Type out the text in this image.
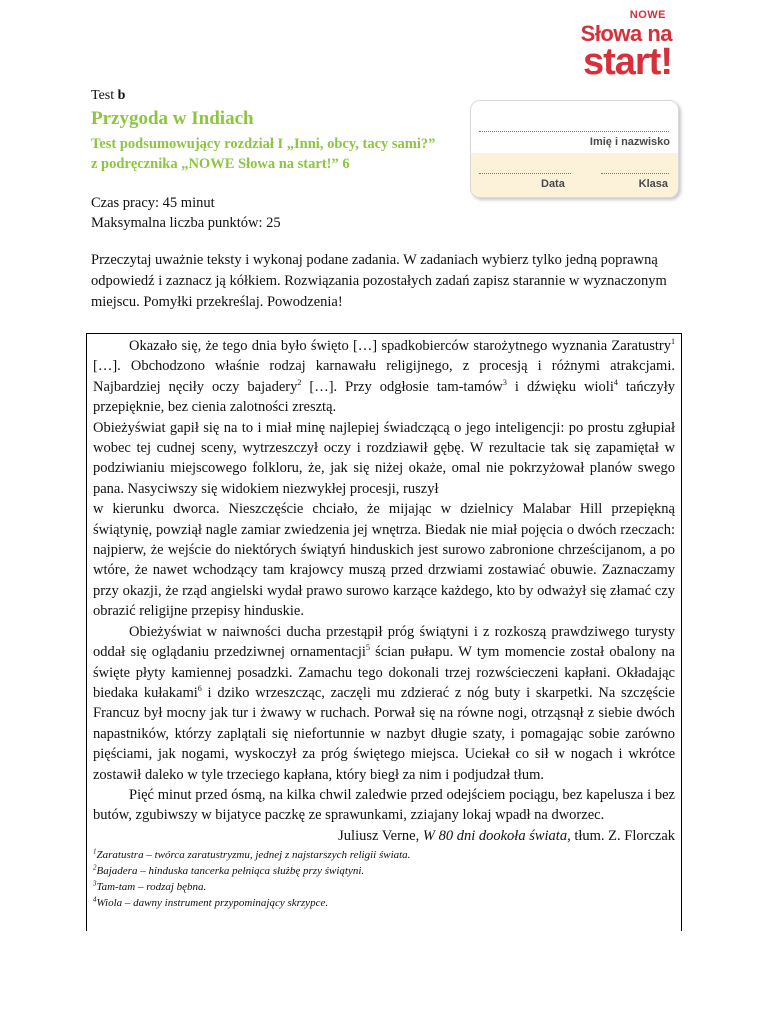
NOWE
Słowa na
start!
Test b
Przygoda w Indiach
Test podsumowujący rozdział I „Inni, obcy, tacy sami?” z podręcznika „NOWE Słowa na start!” 6
Czas pracy: 45 minut
Maksymalna liczba punktów: 25
Imię i nazwisko
Data	Klasa
Przeczytaj uważnie teksty i wykonaj podane zadania. W zadaniach wybierz tylko jedną poprawną odpowiedź i zaznacz ją kółkiem. Rozwiązania pozostałych zadań zapisz starannie w wyznaczonym miejscu. Pomyłki przekreślaj. Powodzenia!

Okazało się, że tego dnia było święto […] spadkobierców starożytnego wyznania Zaratustry$^1$ […]. Obchodzono właśnie rodzaj karnawału religijnego, z procesją i różnymi atrakcjami. Najbardziej nęciły oczy bajadery$^2$ […]. Przy odgłosie tam-tamów$^3$ i dźwięku wioli$^4$ tańczyły przepięknie, bez cienia zalotności zresztą.

Obieżyświat gapił się na to i miał minę najlepiej świadczącą o jego inteligencji: po prostu zgłupiał wobec tej cudnej sceny, wytrzeszczył oczy i rozdziawił gębę. W rezultacie tak się zapamiętał w podziwianiu miejscowego folkloru, że, jak się niżej okaże, omal nie pokrzyżował planów swego pana. Nasyciwszy się widokiem niezwykłej procesji, ruszył

w kierunku dworca. Nieszczęście chciało, że mijając w dzielnicy Malabar Hill przepiękną świątynię, powziął nagle zamiar zwiedzenia jej wnętrza. Biedak nie miał pojęcia o dwóch rzeczach: najpierw, że wejście do niektórych świątyń hinduskich jest surowo zabronione chrześcijanom, a po wtóre, że nawet wchodzący tam krajowcy muszą przed drzwiami zostawiać obuwie. Zaznaczamy przy okazji, że rząd angielski wydał prawo surowo karzące każdego, kto by odważył się złamać czy obrazić religijne przepisy hinduskie.

Obieżyświat w naiwności ducha przestąpił próg świątyni i z rozkoszą prawdziwego turysty oddał się oglądaniu przedziwnej ornamentacji$^5$ ścian pułapu. W tym momencie został obalony na święte płyty kamiennej posadzki. Zamachu tego dokonali trzej rozwścieczeni kapłani. Okładając biedaka kułakami$^6$ i dziko wrzeszcząc, zaczęli mu zdzierać z nóg buty i skarpetki. Na szczęście Francuz był mocny jak tur i żwawy w ruchach. Porwał się na równe nogi, otrząsnął z siebie dwóch napastników, którzy zaplątali się niefortunnie w nazbyt długie szaty, i pomagając sobie zarówno pięściami, jak nogami, wyskoczył za próg świętego miejsca. Uciekał co sił w nogach i wkrótce zostawił daleko w tyle trzeciego kapłana, który biegł za nim i podjudzał tłum.

Pięć minut przed ósmą, na kilka chwil zaledwie przed odejściem pociągu, bez kapelusza i bez butów, zgubiwszy w bijatyce paczkę ze sprawunkami, zziajany lokaj wpadł na dworzec.

Juliusz Verne, W 80 dni dookoła świata, tłum. Z. Florczak
$^1$Zaratustra – twórca zaratustryzmu, jednej z najstarszych religii świata.
$^2$Bajadera – hinduska tancerka pełniąca służbę przy świątyni.
$^3$Tam-tam – rodzaj bębna.
$^4$Wiola – dawny instrument przypominający skrzypce.
